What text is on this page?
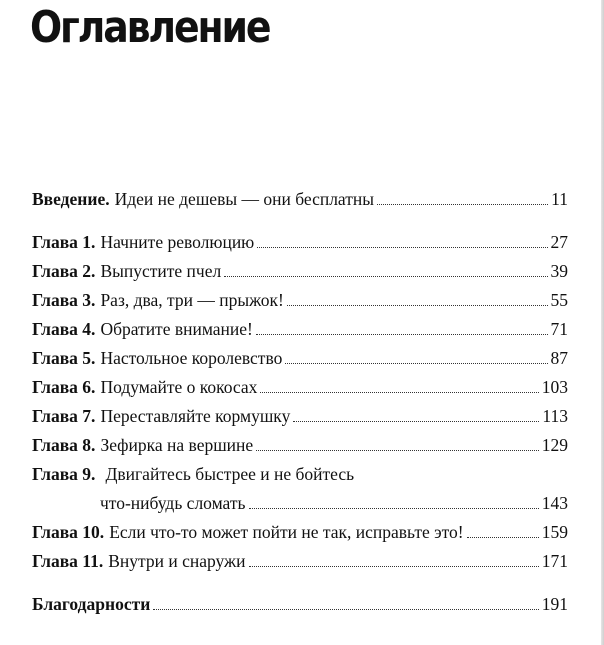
Оглавление
Введение. Идеи не дешевы — они бесплатны	11
Глава 1. Начните революцию	27
Глава 2. Выпустите пчел	39
Глава 3. Раз, два, три — прыжок!	55
Глава 4. Обратите внимание!	71
Глава 5. Настольное королевство	87
Глава 6. Подумайте о кокосах	103
Глава 7. Переставляйте кормушку	113
Глава 8. Зефирка на вершине	129
Глава 9. Двигайтесь быстрее и не бойтесь
что-нибудь сломать	143
Глава 10. Если что-то может пойти не так, исправьте это!	159
Глава 11. Внутри и снаружи	171
Благодарности	191
